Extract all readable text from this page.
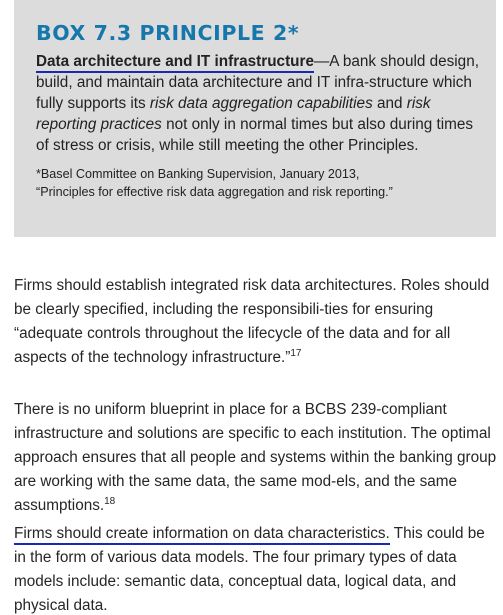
BOX 7.3 PRINCIPLE 2*

Data architecture and IT infrastructure—A bank should design, build, and maintain data architecture and IT infra-structure which fully supports its risk data aggregation capabilities and risk reporting practices not only in normal times but also during times of stress or crisis, while still meeting the other Principles.

*Basel Committee on Banking Supervision, January 2013,
“Principles for effective risk data aggregation and risk reporting.”

Firms should establish integrated risk data architectures. Roles should be clearly specified, including the responsibili-ties for ensuring “adequate controls throughout the lifecycle of the data and for all aspects of the technology infrastructure.”$^{17}$

There is no uniform blueprint in place for a BCBS 239-compliant infrastructure and solutions are specific to each institution. The optimal approach ensures that all people and systems within the banking group are working with the same data, the same mod-els, and the same assumptions.$^{18}$

Firms should create information on data characteristics. This could be in the form of various data models. The four primary types of data models include: semantic data, conceptual data, logical data, and physical data.
